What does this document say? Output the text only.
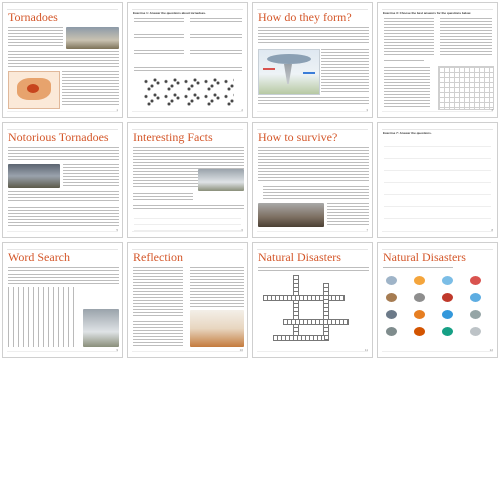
Tornadoes
1
Exercise 1: Answer the questions about tornadoes.
2
How do they form?
3
Exercise 3: Choose the best answers for the questions below.
4
Notorious Tornadoes
5
Interesting Facts
6
How to survive?
7
Exercise 7: Answer the questions.
8
Word Search
9
Reflection
10
Natural Disasters
11
Natural Disasters
12
